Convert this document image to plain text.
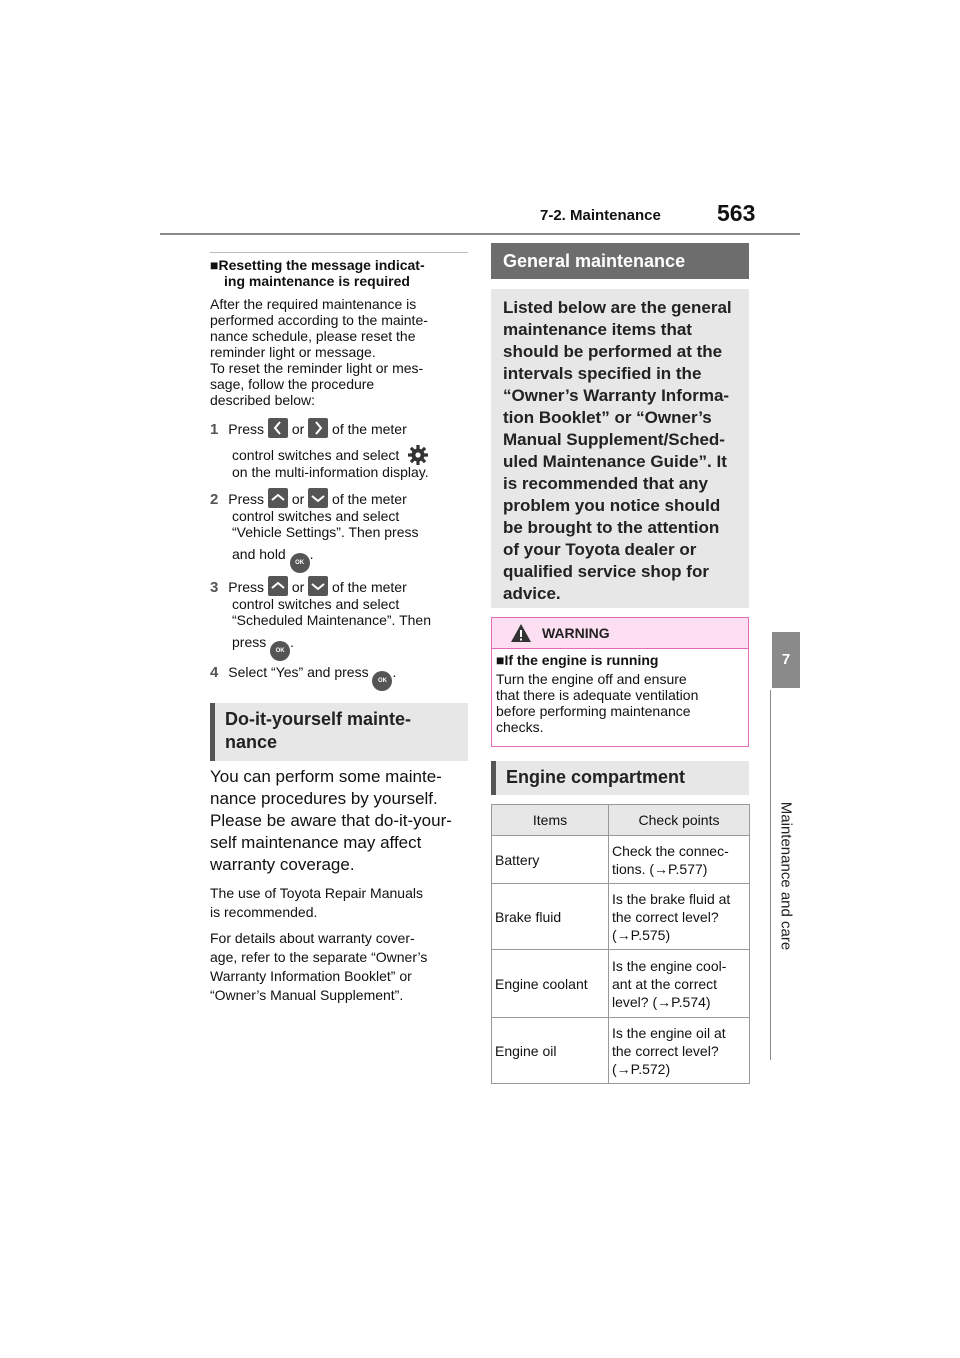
7-2. Maintenance 563
7
Maintenance and care
■Resetting the message indicat-
ing maintenance is required
After the required maintenance is
performed according to the mainte-
nance schedule, please reset the
reminder light or message.
To reset the reminder light or mes-
sage, follow the procedure
described below:
1 Press or of the meter
control switches and select
on the multi-information display.
2 Press or of the meter
control switches and select
“Vehicle Settings”. Then press
and hold OK.
3 Press or of the meter
control switches and select
“Scheduled Maintenance”. Then
press OK.
4 Select “Yes” and press OK.
Do-it-yourself mainte-
nance
You can perform some mainte-
nance procedures by yourself.
Please be aware that do-it-your-
self maintenance may affect
warranty coverage.
The use of Toyota Repair Manuals
is recommended.
For details about warranty cover-
age, refer to the separate “Owner’s
Warranty Information Booklet” or
“Owner’s Manual Supplement”.
General maintenance
Listed below are the general
maintenance items that
should be performed at the
intervals specified in the
“Owner’s Warranty Informa-
tion Booklet” or “Owner’s
Manual Supplement/Sched-
uled Maintenance Guide”. It
is recommended that any
problem you notice should
be brought to the attention
of your Toyota dealer or
qualified service shop for
advice.
WARNING
■If the engine is running
Turn the engine off and ensure
that there is adequate ventilation
before performing maintenance
checks.
Engine compartment
Items	Check points
Battery	Check the connec-
tions. (→P.577)

Brake fluid	Is the brake fluid at
the correct level?
(→P.575)

Engine coolant	Is the engine cool-
ant at the correct
level? (→P.574)

Engine oil	Is the engine oil at
the correct level?
(→P.572)
